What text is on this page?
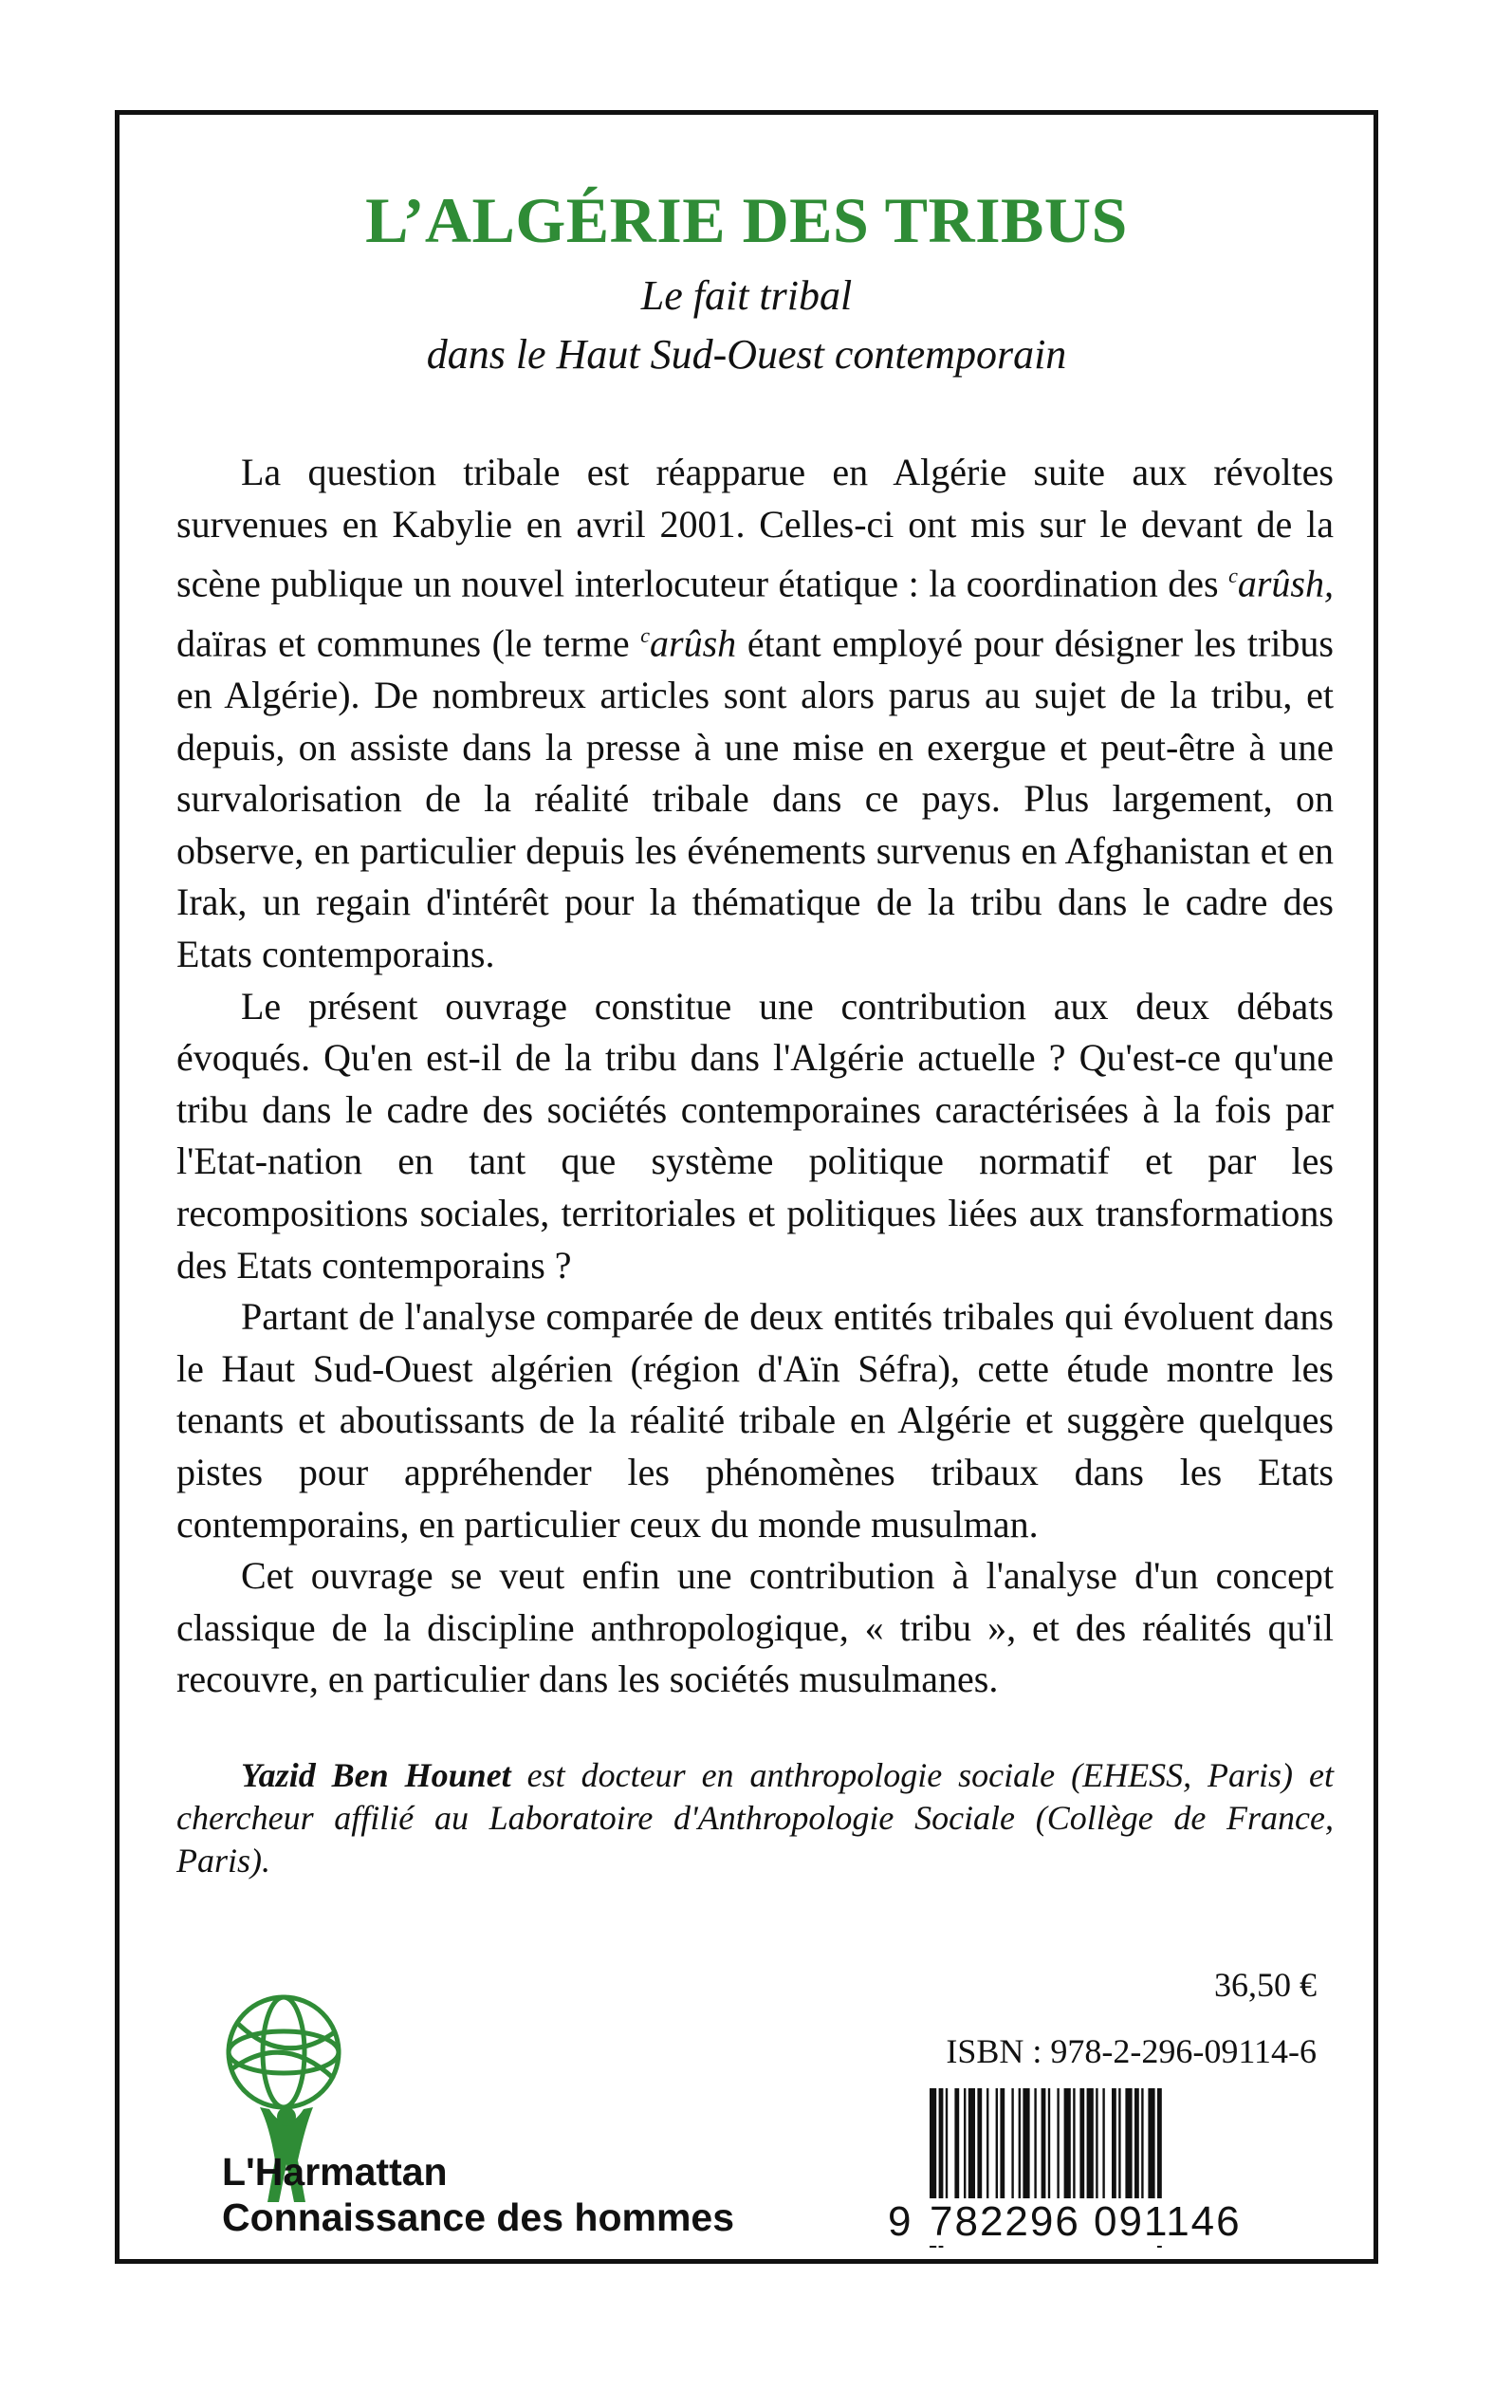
L’ALGÉRIE DES TRIBUS
Le fait tribal
dans le Haut Sud-Ouest contemporain

La question tribale est réapparue en Algérie suite aux révoltes survenues en Kabylie en avril 2001. Celles-ci ont mis sur le devant de la scène publique un nouvel interlocuteur étatique : la coordination des $^c$arûsh, daïras et communes (le terme $^c$arûsh étant employé pour désigner les tribus en Algérie). De nombreux articles sont alors parus au sujet de la tribu, et depuis, on assiste dans la presse à une mise en exergue et peut-être à une survalorisation de la réalité tribale dans ce pays. Plus largement, on observe, en particulier depuis les événements survenus en Afghanistan et en Irak, un regain d'intérêt pour la thématique de la tribu dans le cadre des Etats contemporains.

Le présent ouvrage constitue une contribution aux deux débats évoqués. Qu'en est-il de la tribu dans l'Algérie actuelle ? Qu'est-ce qu'une tribu dans le cadre des sociétés contemporaines caractérisées à la fois par l'Etat-nation en tant que système politique normatif et par les recompositions sociales, territoriales et politiques liées aux transformations des Etats contemporains ?

Partant de l'analyse comparée de deux entités tribales qui évoluent dans le Haut Sud-Ouest algérien (région d'Aïn Séfra), cette étude montre les tenants et aboutissants de la réalité tribale en Algérie et suggère quelques pistes pour appréhender les phénomènes tribaux dans les Etats contemporains, en particulier ceux du monde musulman.

Cet ouvrage se veut enfin une contribution à l'analyse d'un concept classique de la discipline anthropologique, « tribu », et des réalités qu'il recouvre, en particulier dans les sociétés musulmanes.

Yazid Ben Hounet est docteur en anthropologie sociale (EHESS, Paris) et chercheur affilié au Laboratoire d'Anthropologie Sociale (Collège de France, Paris).
L'Harmattan
Connaissance des hommes
36,50 €
ISBN : 978-2-296-09114-6
9 782296 091146
